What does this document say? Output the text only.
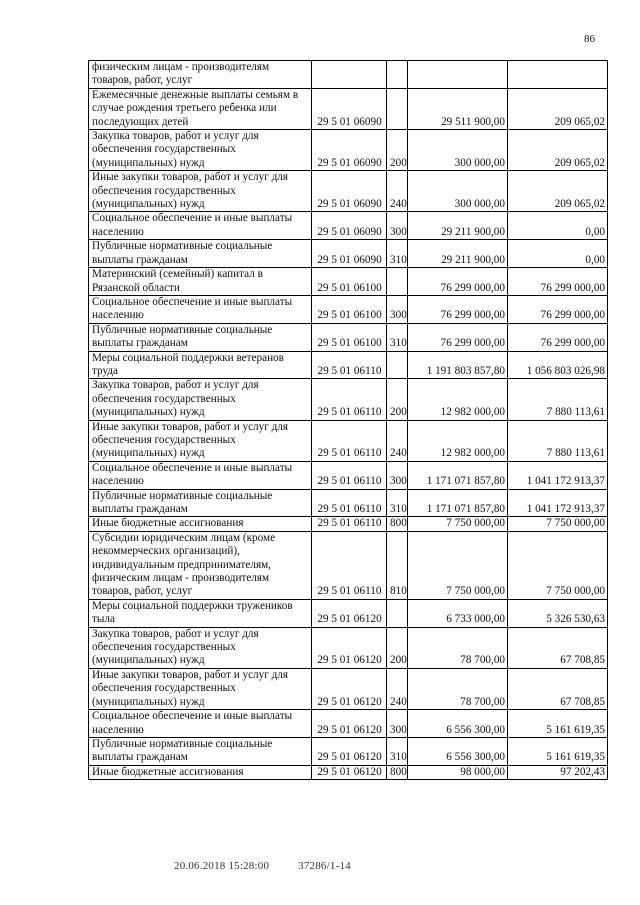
86
физическим лицам - производителям товаров, работ, услуг				
Ежемесячные денежные выплаты семьям в случае рождения третьего ребенка или последующих детей	29 5 01 06090		29 511 900,00	209 065,02
Закупка товаров, работ и услуг для обеспечения государственных (муниципальных) нужд	29 5 01 06090	200	300 000,00	209 065,02
Иные закупки товаров, работ и услуг для обеспечения государственных (муниципальных) нужд	29 5 01 06090	240	300 000,00	209 065,02
Социальное обеспечение и иные выплаты населению	29 5 01 06090	300	29 211 900,00	0,00
Публичные нормативные социальные выплаты гражданам	29 5 01 06090	310	29 211 900,00	0,00
Материнский (семейный) капитал в Рязанской области	29 5 01 06100		76 299 000,00	76 299 000,00
Социальное обеспечение и иные выплаты населению	29 5 01 06100	300	76 299 000,00	76 299 000,00
Публичные нормативные социальные выплаты гражданам	29 5 01 06100	310	76 299 000,00	76 299 000,00
Меры социальной поддержки ветеранов труда	29 5 01 06110		1 191 803 857,80	1 056 803 026,98
Закупка товаров, работ и услуг для обеспечения государственных (муниципальных) нужд	29 5 01 06110	200	12 982 000,00	7 880 113,61
Иные закупки товаров, работ и услуг для обеспечения государственных (муниципальных) нужд	29 5 01 06110	240	12 982 000,00	7 880 113,61
Социальное обеспечение и иные выплаты населению	29 5 01 06110	300	1 171 071 857,80	1 041 172 913,37
Публичные нормативные социальные выплаты гражданам	29 5 01 06110	310	1 171 071 857,80	1 041 172 913,37
Иные бюджетные ассигнования	29 5 01 06110	800	7 750 000,00	7 750 000,00
Субсидии юридическим лицам (кроме некоммерческих организаций), индивидуальным предпринимателям, физическим лицам - производителям товаров, работ, услуг	29 5 01 06110	810	7 750 000,00	7 750 000,00
Меры социальной поддержки тружеников тыла	29 5 01 06120		6 733 000,00	5 326 530,63
Закупка товаров, работ и услуг для обеспечения государственных (муниципальных) нужд	29 5 01 06120	200	78 700,00	67 708,85
Иные закупки товаров, работ и услуг для обеспечения государственных (муниципальных) нужд	29 5 01 06120	240	78 700,00	67 708,85
Социальное обеспечение и иные выплаты населению	29 5 01 06120	300	6 556 300,00	5 161 619,35
Публичные нормативные социальные выплаты гражданам	29 5 01 06120	310	6 556 300,00	5 161 619,35
Иные бюджетные ассигнования	29 5 01 06120	800	98 000,00	97 202,43
20.06.2018 15:28:00	37286/1-14
